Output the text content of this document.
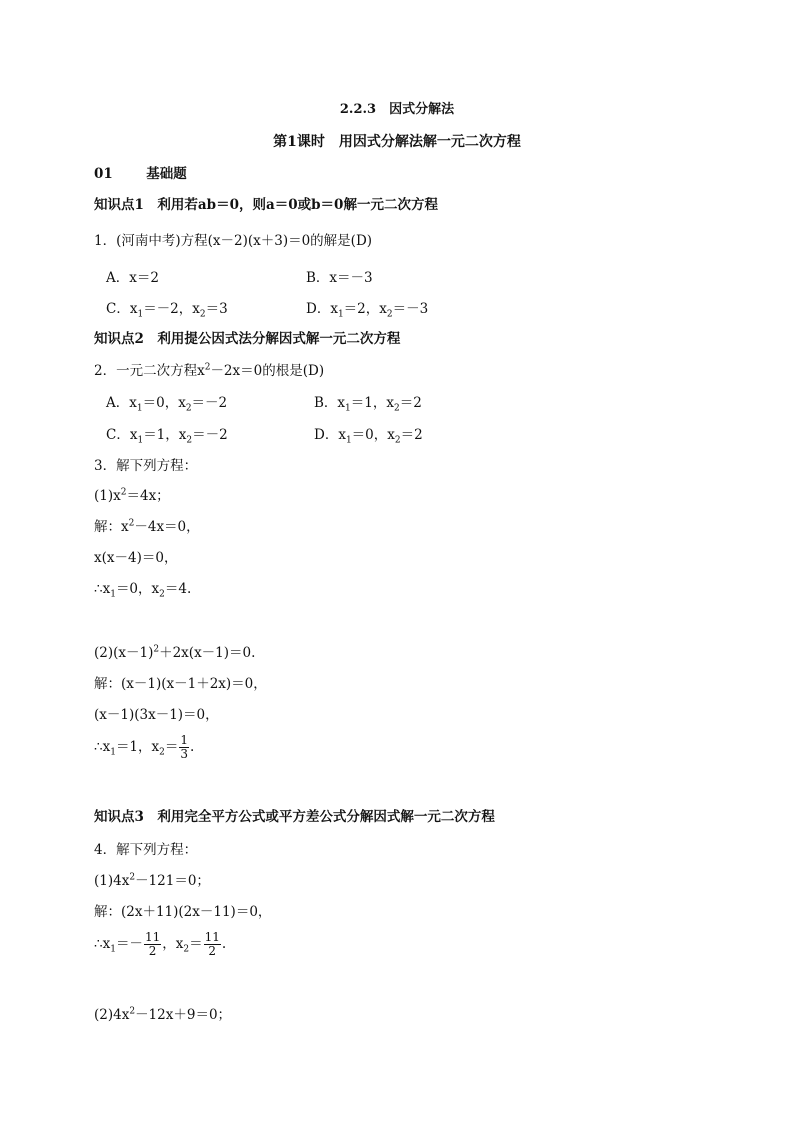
2.2.3　因式分解法
第1课时　用因式分解法解一元二次方程
01 基础题
知识点1　利用若ab＝0，则a＝0或b＝0解一元二次方程
1．(河南中考)方程(x－2)(x＋3)＝0的解是(D)
A．x＝2	B．x＝－3
C．$x_1=-2$，$x_2=3$	D．$x_1=2$，$x_2=-3$
知识点2　利用提公因式法分解因式解一元二次方程
2．一元二次方程$x^2-2x=0$的根是(D)
A．$x_1=0$，$x_2=-2$	B．$x_1=1$，$x_2=2$
C．$x_1=1$，$x_2=-2$	D．$x_1=0$，$x_2=2$
3．解下列方程：
$(1)x^2=4x$；
解：$x^2-4x=0$，
x(x－4)＝0，
$\therefore x_1=0$，$x_2=4$.
$(2)(x-1)^2+2x(x-1)=0$.
解：(x－1)(x－1＋2x)＝0，
(x－1)(3x－1)＝0，
$\therefore x_1=1$，$x_2= \frac{1}{3}$ .
知识点3　利用完全平方公式或平方差公式分解因式解一元二次方程
4．解下列方程：
$(1)4x^2-121=0$；
解：(2x＋11)(2x－11)＝0，
$\therefore x_1=- \frac{11}{2}$ ，$x_2= \frac{11}{2}$ .
$(2)4x^2-12x+9=0$；
